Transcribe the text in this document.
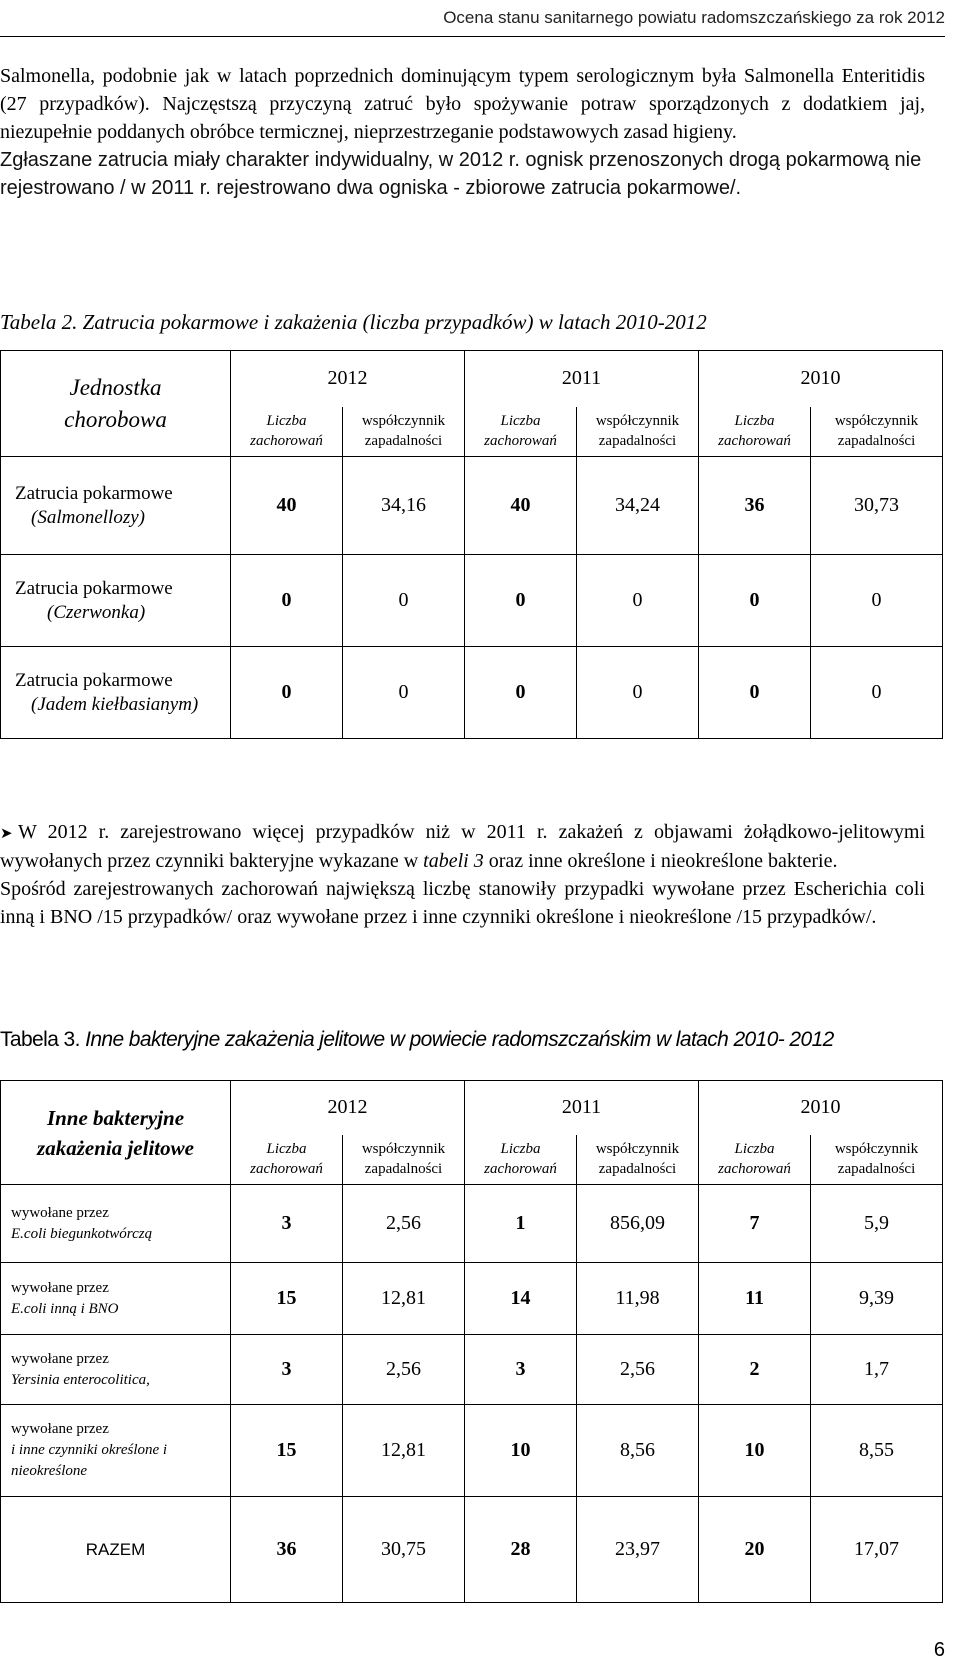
Ocena stanu sanitarnego powiatu radomszczańskiego za rok 2012

Salmonella, podobnie jak w latach poprzednich dominującym typem serologicznym była Salmonella Enteritidis (27 przypadków). Najczęstszą przyczyną zatruć było spożywanie potraw sporządzonych z dodatkiem jaj, niezupełnie poddanych obróbce termicznej, nieprzestrzeganie podstawowych zasad higieny.

Zgłaszane zatrucia miały charakter indywidualny, w 2012 r. ognisk przenoszonych drogą pokarmową nie rejestrowano / w 2011 r. rejestrowano dwa ogniska - zbiorowe zatrucia pokarmowe/.

Tabela 2. Zatrucia pokarmowe i zakażenia (liczba przypadków) w latach 2010-2012

Jednostka chorobowa	2012		2011		2010	
	Liczba zachorowań	współczynnik zapadalności	Liczba zachorowań	współczynnik zapadalności	Liczba zachorowań	współczynnik zapadalności
Zatrucia pokarmowe
(Salmonellozy)	40	34,16	40	34,24	36	30,73
Zatrucia pokarmowe
(Czerwonka)	0	0	0	0	0	0
Zatrucia pokarmowe
(Jadem kiełbasianym)	0	0	0	0	0	0

➤ W 2012 r. zarejestrowano więcej przypadków niż w 2011 r. zakażeń z objawami żołądkowo-jelitowymi wywołanych przez czynniki bakteryjne wykazane w tabeli 3 oraz inne określone i nieokreślone bakterie.

Spośród zarejestrowanych zachorowań największą liczbę stanowiły przypadki wywołane przez Escherichia coli inną i BNO /15 przypadków/ oraz wywołane przez i inne czynniki określone i nieokreślone /15 przypadków/.

Tabela 3. Inne bakteryjne zakażenia jelitowe w powiecie radomszczańskim w latach 2010- 2012

Inne bakteryjne zakażenia jelitowe	2012		2011		2010	
	Liczba zachorowań	współczynnik zapadalności	Liczba zachorowań	współczynnik zapadalności	Liczba zachorowań	współczynnik zapadalności
wywołane przez
E.coli biegunkotwórczą	3	2,56	1	856,09	7	5,9
wywołane przez
E.coli inną i BNO	15	12,81	14	11,98	11	9,39
wywołane przez
Yersinia enterocolitica,	3	2,56	3	2,56	2	1,7
wywołane przez
i inne czynniki określone i nieokreślone	15	12,81	10	8,56	10	8,55
RAZEM	36	30,75	28	23,97	20	17,07
6
